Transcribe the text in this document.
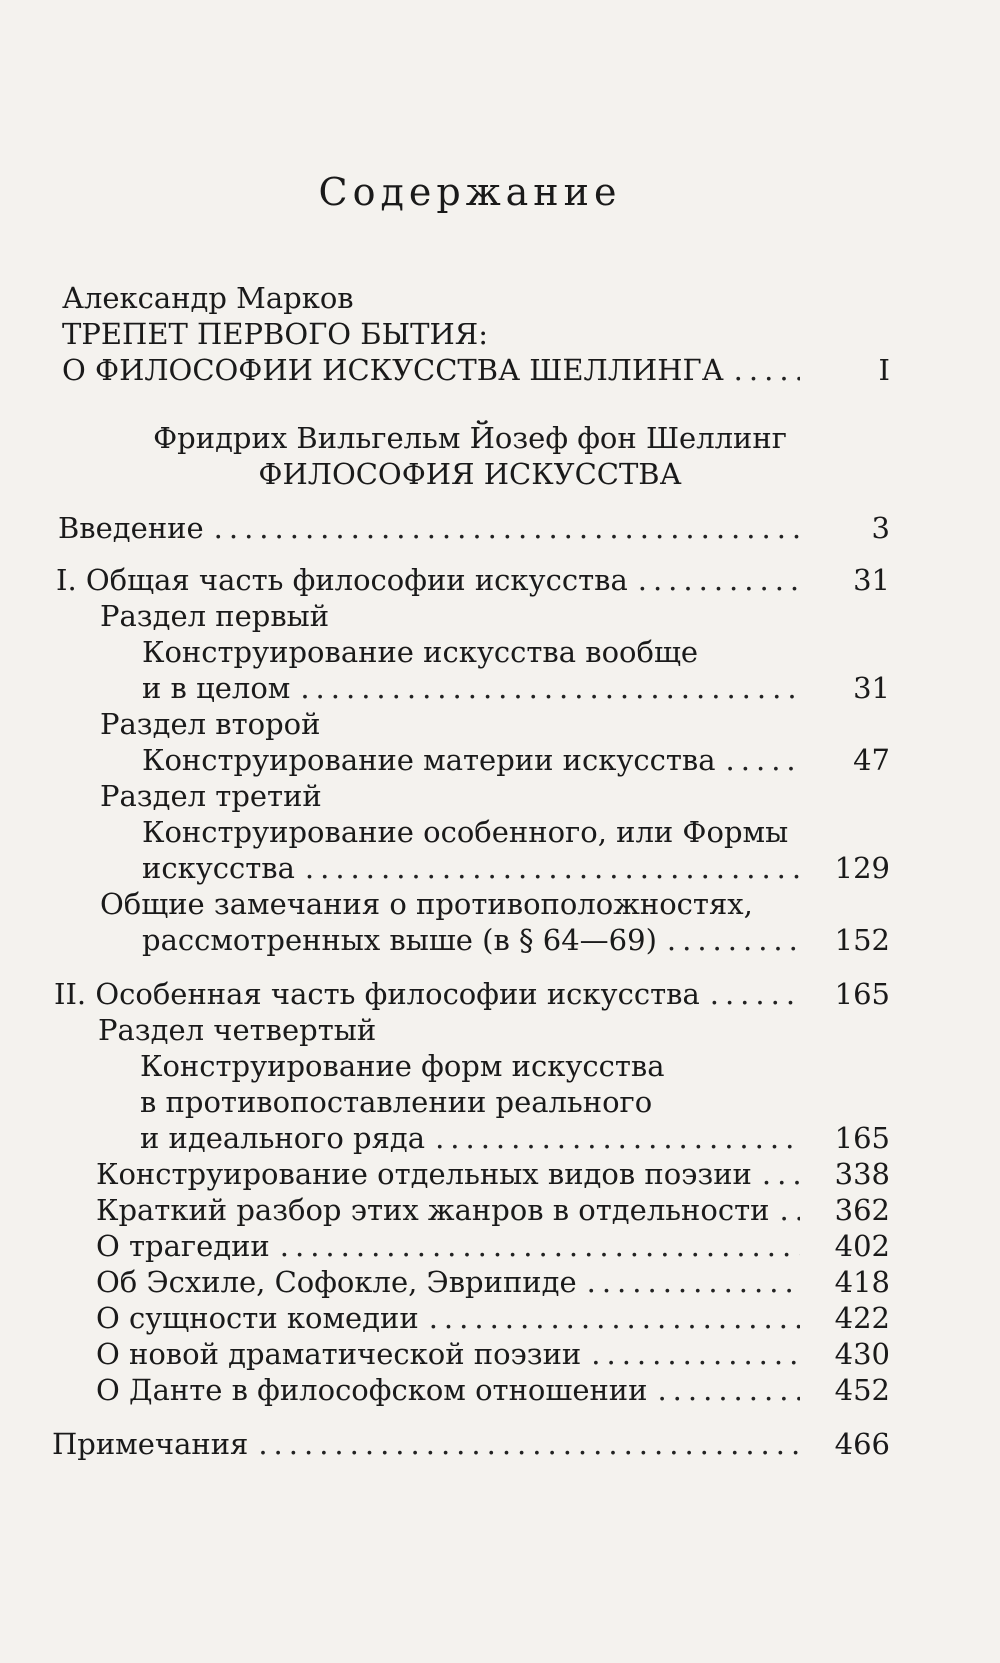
Содержание
Александр Марков
ТРЕПЕТ ПЕРВОГО БЫТИЯ:
О ФИЛОСОФИИ ИСКУССТВА ШЕЛЛИНГА .....	I
Фридрих Вильгельм Йозеф фон Шеллинг
ФИЛОСОФИЯ ИСКУССТВА
Введение .....	3
I. Общая часть философии искусства .....	31
Раздел первый
Конструирование искусства вообще
и в целом .....	31
Раздел второй
Конструирование материи искусства .....	47
Раздел третий
Конструирование особенного, или Формы
искусства .....	129
Общие замечания о противоположностях,
рассмотренных выше (в § 64—69) .....	152
II. Особенная часть философии искусства .....	165
Раздел четвертый
Конструирование форм искусства
в противопоставлении реального
и идеального ряда .....	165
Конструирование отдельных видов поэзии .....	338
Краткий разбор этих жанров в отдельности .....	362
О трагедии .....	402
Об Эсхиле, Софокле, Эврипиде .....	418
О сущности комедии .....	422
О новой драматической поэзии .....	430
О Данте в философском отношении .....	452
Примечания .....	466
